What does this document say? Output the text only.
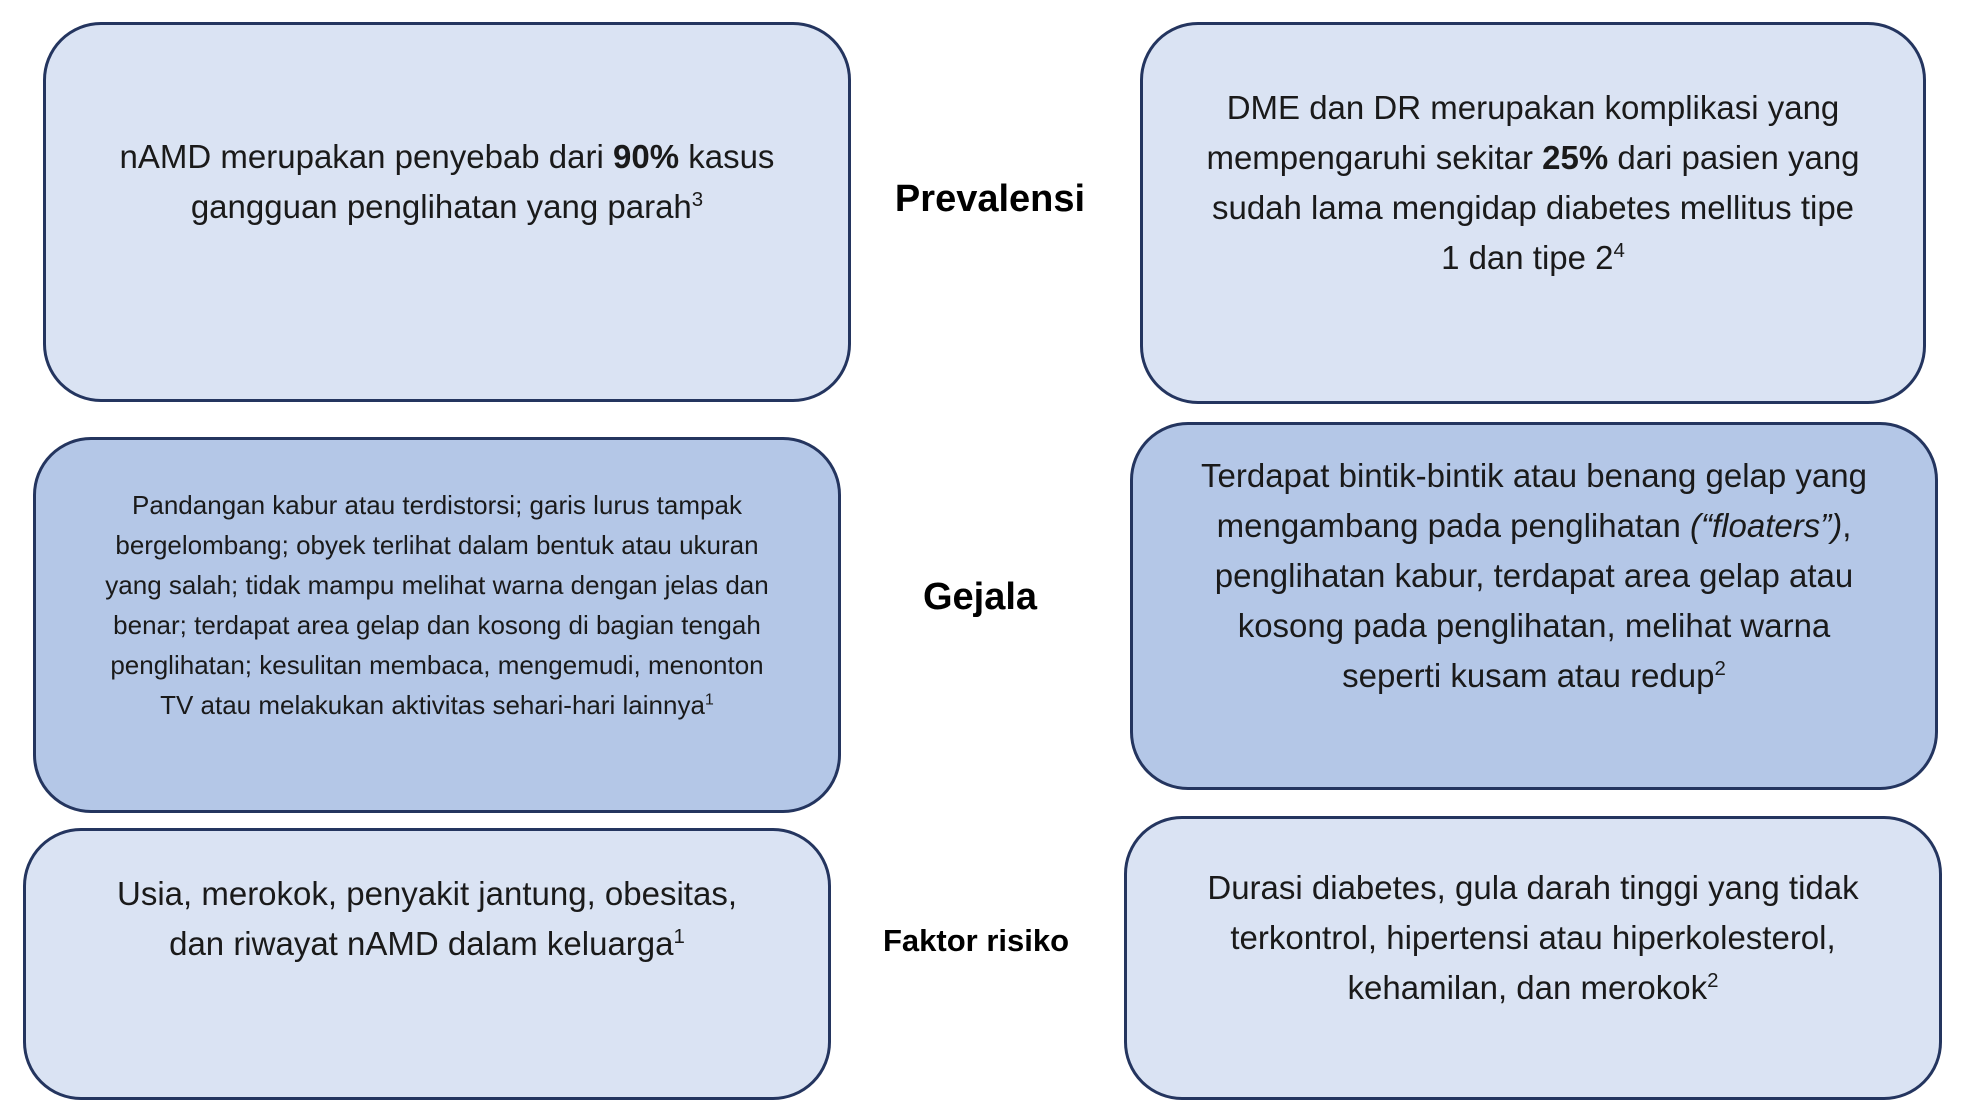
nAMD merupakan penyebab dari 90% kasus
gangguan penglihatan yang parah$^3$
Pandangan kabur atau terdistorsi; garis lurus tampak
bergelombang; obyek terlihat dalam bentuk atau ukuran
yang salah; tidak mampu melihat warna dengan jelas dan
benar; terdapat area gelap dan kosong di bagian tengah
penglihatan; kesulitan membaca, mengemudi, menonton
TV atau melakukan aktivitas sehari-hari lainnya$^1$
Usia, merokok, penyakit jantung, obesitas,
dan riwayat nAMD dalam keluarga$^1$
Prevalensi
Gejala
Faktor risiko
DME dan DR merupakan komplikasi yang
mempengaruhi sekitar 25% dari pasien yang
sudah lama mengidap diabetes mellitus tipe
1 dan tipe $2^4$
Terdapat bintik-bintik atau benang gelap yang
mengambang pada penglihatan (“floaters”),
penglihatan kabur, terdapat area gelap atau
kosong pada penglihatan, melihat warna
seperti kusam atau redup$^2$
Durasi diabetes, gula darah tinggi yang tidak
terkontrol, hipertensi atau hiperkolesterol,
kehamilan, dan merokok$^2$
